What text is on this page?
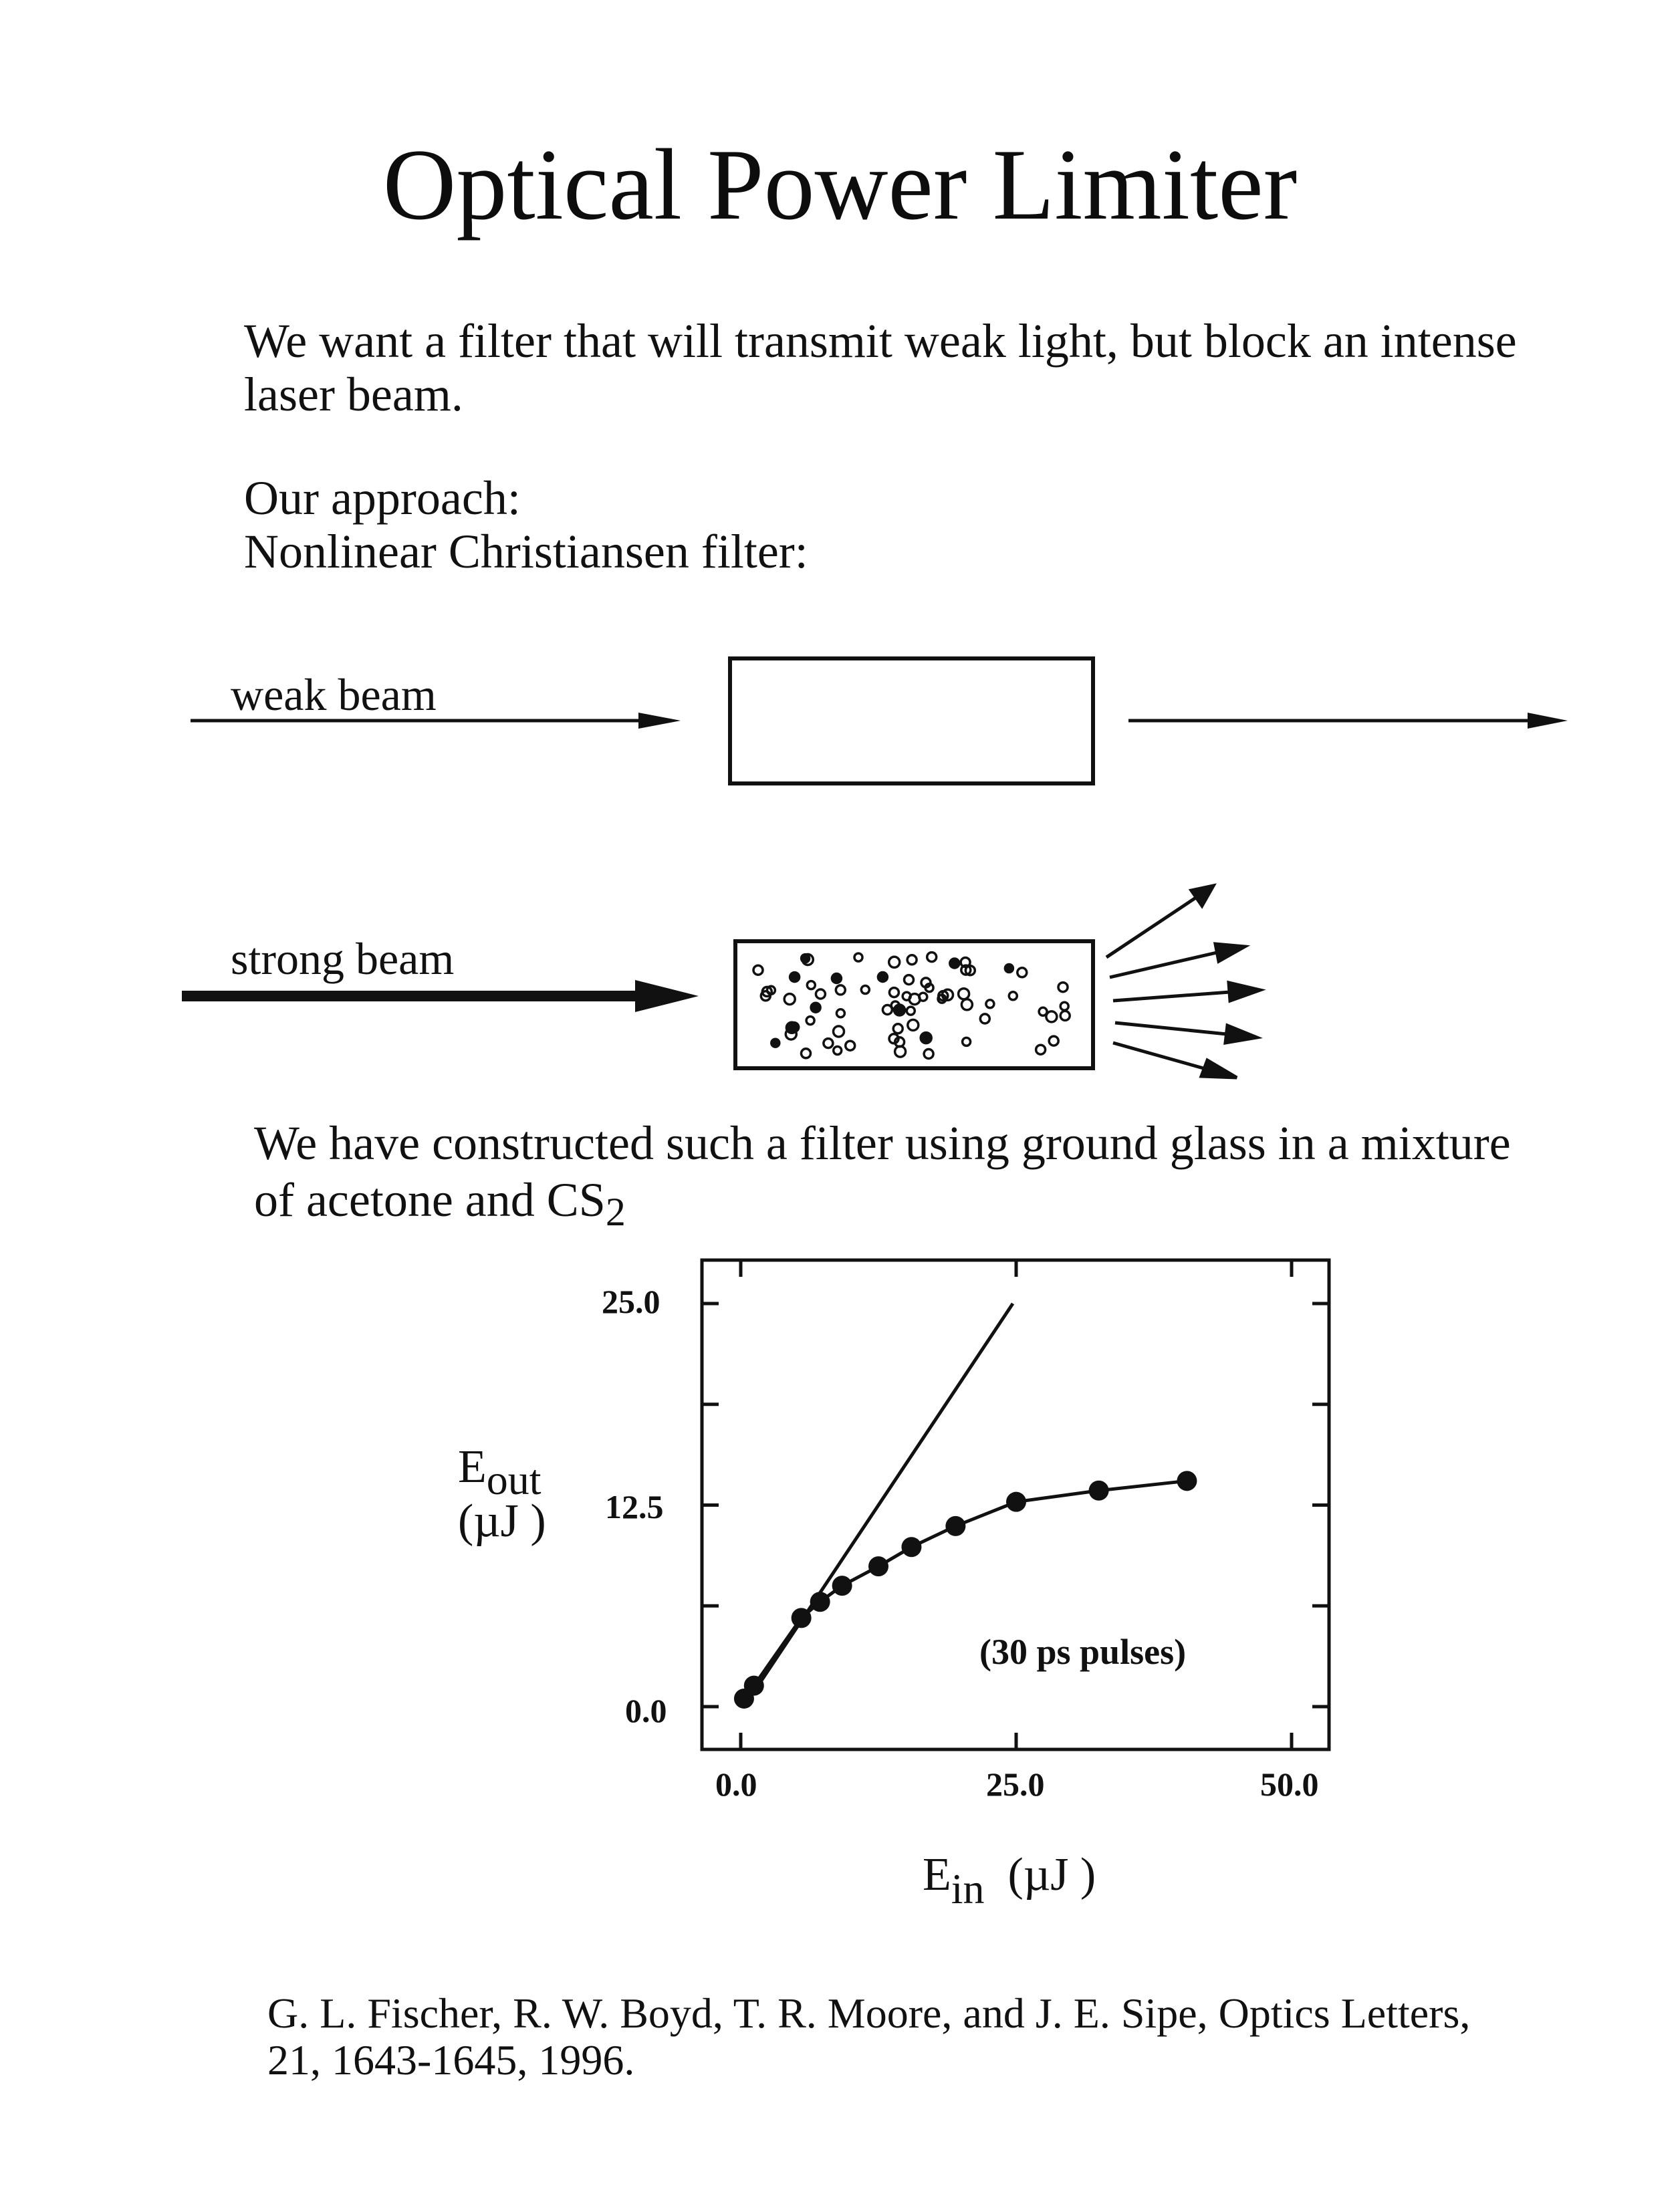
Optical Power Limiter
We want a filter that will transmit weak light, but block an intense
laser beam.
Our approach:
Nonlinear Christiansen filter:
weak beam
strong beam
We have constructed such a filter using ground glass in a mixture
of acetone and $CS_2$
25.0
12.5
0.0
0.0	25.0	50.0
Eout
(µJ )
Ein (µJ )
(30 ps pulses)
G. L. Fischer, R. W. Boyd, T. R. Moore, and J. E. Sipe, Optics Letters,
21, 1643-1645, 1996.
